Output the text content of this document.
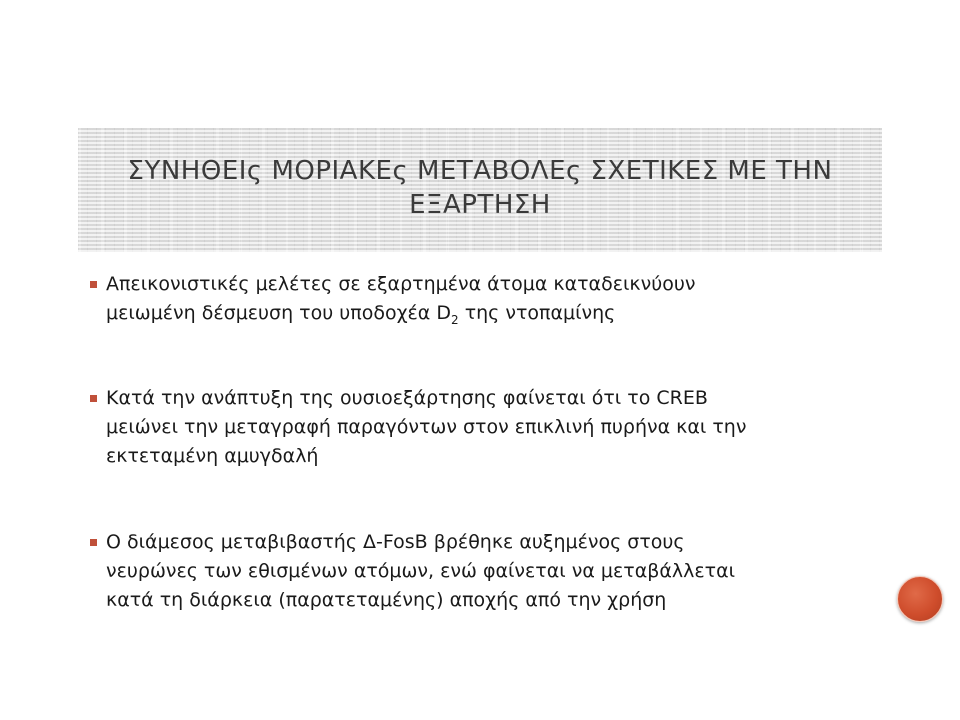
ΣΥΝΗΘΕΙς ΜΟΡΙΑΚΕς ΜΕΤΑΒΟΛΕς ΣΧΕΤΙΚΕΣ ΜΕ ΤΗΝ
ΕΞΑΡΤΗΣΗ
Απεικονιστικές μελέτες σε εξαρτημένα άτομα καταδεικνύουν
μειωμένη δέσμευση του υποδοχέα $D_2$ της ντοπαμίνης
Κατά την ανάπτυξη της ουσιοεξάρτησης φαίνεται ότι το CREB
μειώνει την μεταγραφή παραγόντων στον επικλινή πυρήνα και την
εκτεταμένη αμυγδαλή
Ο διάμεσος μεταβιβαστής Δ-FosB βρέθηκε αυξημένος στους
νευρώνες των εθισμένων ατόμων, ενώ φαίνεται να μεταβάλλεται
κατά τη διάρκεια (παρατεταμένης) αποχής από την χρήση
